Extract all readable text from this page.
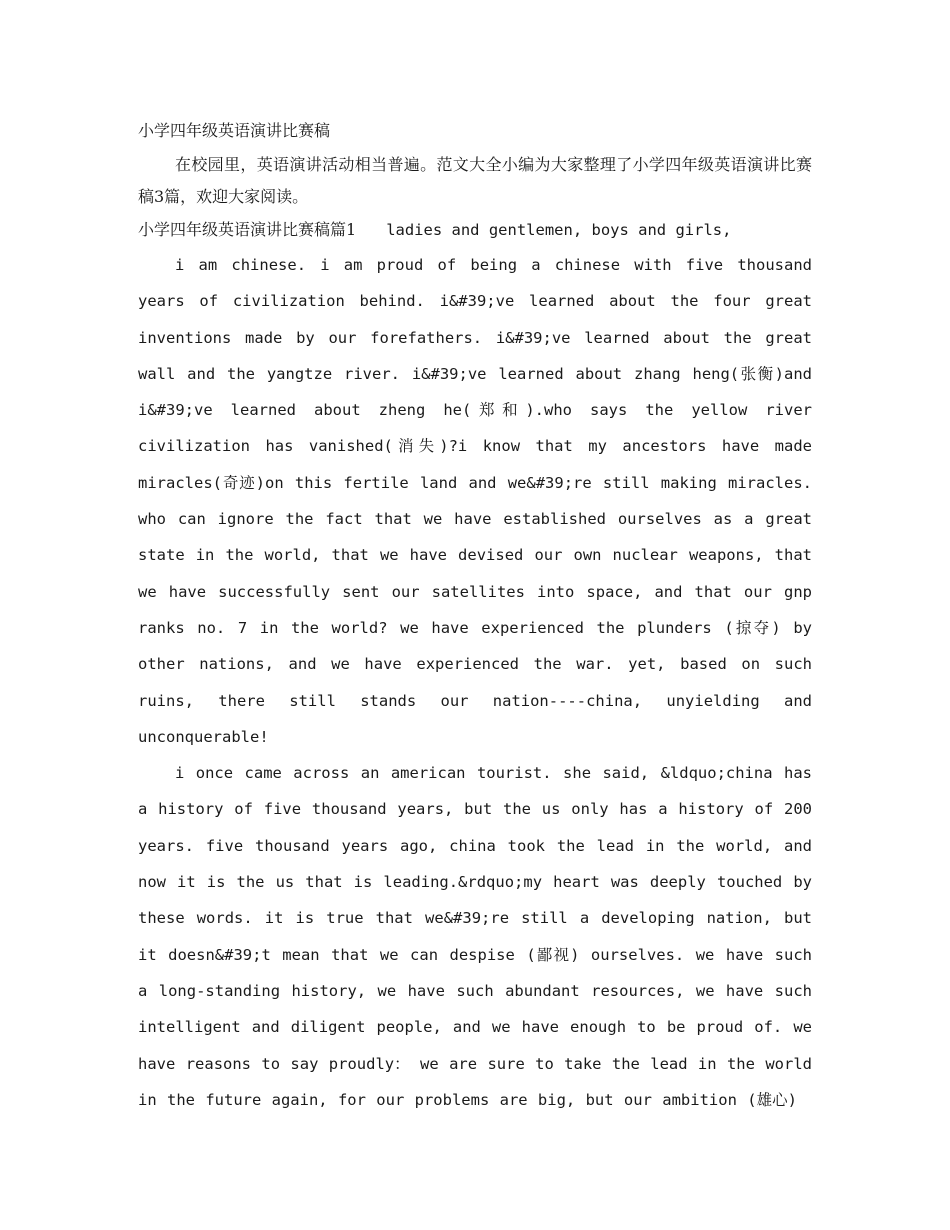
小学四年级英语演讲比赛稿

在校园里，英语演讲活动相当普遍。范文大全小编为大家整理了小学四年级英语演讲比赛稿3篇，欢迎大家阅读。

小学四年级英语演讲比赛稿篇1 ladies and gentlemen, boys and girls,

i am chinese. i am proud of being a chinese with five thousand years of civilization behind. i&#39;ve learned about the four great inventions made by our forefathers. i&#39;ve learned about the great wall and the yangtze river. i&#39;ve learned about zhang heng(张衡)and i&#39;ve learned about zheng he(郑和).who says the yellow river civilization has vanished(消失)?i know that my ancestors have made miracles(奇迹)on this fertile land and we&#39;re still making miracles. who can ignore the fact that we have established ourselves as a great state in the world, that we have devised our own nuclear weapons, that we have successfully sent our satellites into space, and that our gnp ranks no. 7 in the world? we have experienced the plunders (掠夺) by other nations, and we have experienced the war. yet, based on such ruins, there still stands our nation----china, unyielding and unconquerable!

i once came across an american tourist. she said, &ldquo;china has a history of five thousand years, but the us only has a history of 200 years. five thousand years ago, china took the lead in the world, and now it is the us that is leading.&rdquo;my heart was deeply touched by these words. it is true that we&#39;re still a developing nation, but it doesn&#39;t mean that we can despise (鄙视) ourselves. we have such a long-standing history, we have such abundant resources, we have such intelligent and diligent people, and we have enough to be proud of. we have reasons to say proudly： we are sure to take the lead in the world in the future again, for our problems are big, but our ambition (雄心)
